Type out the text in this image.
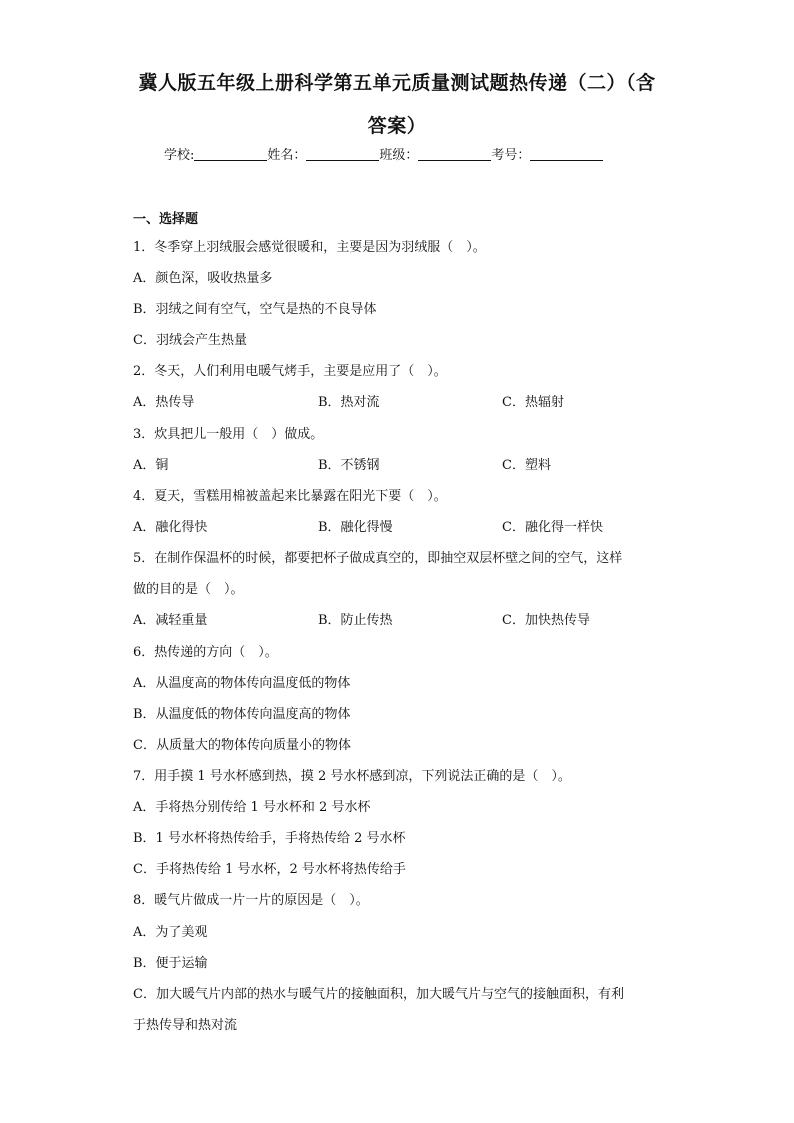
冀人版五年级上册科学第五单元质量测试题热传递（二）（含
答案）
学校:	姓名：	班级：	考号：
一、选择题
1．冬季穿上羽绒服会感觉很暖和，主要是因为羽绒服（　）。
A．颜色深，吸收热量多
B．羽绒之间有空气，空气是热的不良导体
C．羽绒会产生热量
2．冬天，人们利用电暖气烤手，主要是应用了（　）。
A．热传导	B．热对流	C．热辐射
3．炊具把儿一般用（　）做成。
A．铜	B．不锈钢	C．塑料
4．夏天，雪糕用棉被盖起来比暴露在阳光下要（　）。
A．融化得快	B．融化得慢	C．融化得一样快
5．在制作保温杯的时候，都要把杯子做成真空的，即抽空双层杯壁之间的空气，这样
做的目的是（　）。
A．减轻重量	B．防止传热	C．加快热传导
6．热传递的方向（　）。
A．从温度高的物体传向温度低的物体
B．从温度低的物体传向温度高的物体
C．从质量大的物体传向质量小的物体
7．用手摸 1 号水杯感到热，摸 2 号水杯感到凉，下列说法正确的是（　）。
A．手将热分别传给 1 号水杯和 2 号水杯
B．1 号水杯将热传给手，手将热传给 2 号水杯
C．手将热传给 1 号水杯，2 号水杯将热传给手
8．暖气片做成一片一片的原因是（　）。
A．为了美观
B．便于运输
C．加大暖气片内部的热水与暖气片的接触面积，加大暖气片与空气的接触面积，有利
于热传导和热对流
